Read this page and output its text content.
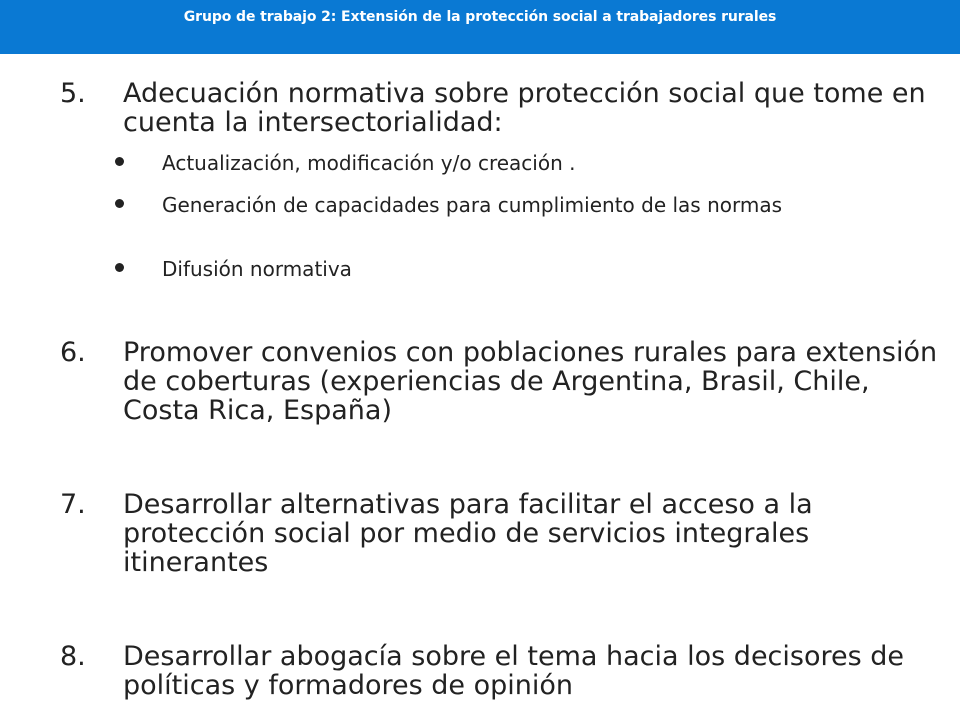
Grupo de trabajo 2: Extensión de la protección social a trabajadores rurales
5. Adecuación normativa sobre protección social que tome en cuenta la intersectorialidad:
Actualización, modificación y/o creación .
Generación de capacidades para cumplimiento de las normas
Difusión normativa
6. Promover convenios con poblaciones rurales para extensión de coberturas (experiencias de Argentina, Brasil, Chile, Costa Rica, España)
7. Desarrollar alternativas para facilitar el acceso a la protección social por medio de servicios integrales itinerantes
8. Desarrollar abogacía sobre el tema hacia los decisores de políticas y formadores de opinión
